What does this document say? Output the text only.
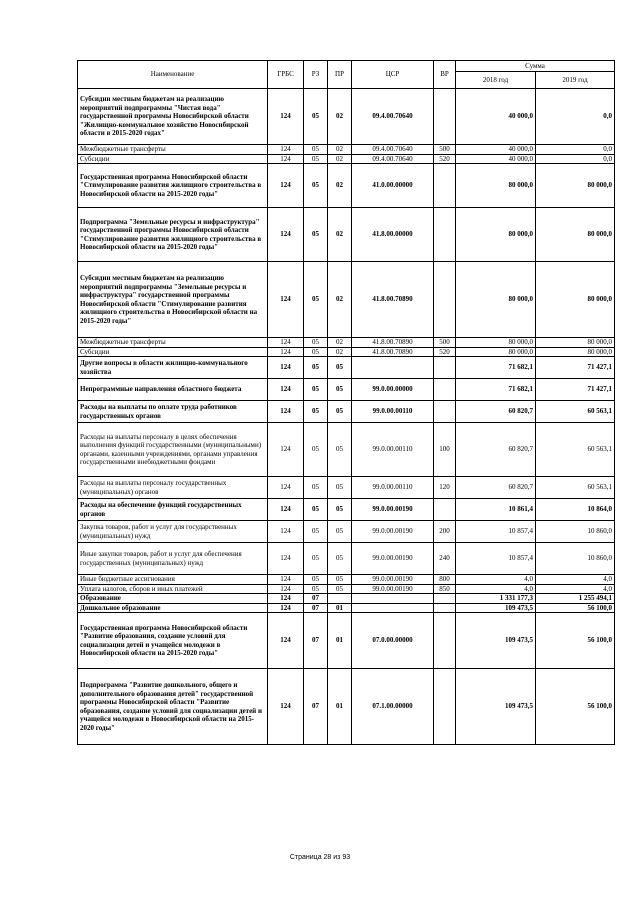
Наименование	ГРБС	РЗ	ПР	ЦСР	ВР	Сумма	
						2018 год	2019 год
Субсидии местным бюджетам на реализацию мероприятий подпрограммы "Чистая вода" государственной программы Новосибирской области "Жилищно-коммунальное хозяйство Новосибирской области в 2015-2020 годах"	124	05	02	09.4.00.70640		40 000,0	0,0
Межбюджетные трансферты	124	05	02	09.4.00.70640	500	40 000,0	0,0
Субсидии	124	05	02	09.4.00.70640	520	40 000,0	0,0
Государственная программа Новосибирской области "Стимулирование развития жилищного строительства в Новосибирской области на 2015-2020 годы"	124	05	02	41.0.00.00000		80 000,0	80 000,0
Подпрограмма "Земельные ресурсы и инфраструктура" государственной программы Новосибирской области "Стимулирование развития жилищного строительства в Новосибирской области на 2015-2020 годы"	124	05	02	41.8.00.00000		80 000,0	80 000,0
Субсидии местным бюджетам на реализацию мероприятий подпрограммы "Земельные ресурсы и инфраструктура" государственной программы Новосибирской области "Стимулирование развития жилищного строительства в Новосибирской области на 2015-2020 годы"	124	05	02	41.8.00.70890		80 000,0	80 000,0
Межбюджетные трансферты	124	05	02	41.8.00.70890	500	80 000,0	80 000,0
Субсидии	124	05	02	41.8.00.70890	520	80 000,0	80 000,0
Другие вопросы в области жилищно-коммунального хозяйства	124	05	05			71 682,1	71 427,1
Непрограммные направления областного бюджета	124	05	05	99.0.00.00000		71 682,1	71 427,1
Расходы на выплаты по оплате труда работников государственных органов	124	05	05	99.0.00.00110		60 820,7	60 563,1
Расходы на выплаты персоналу в целях обеспечения выполнения функций государственными (муниципальными) органами, казенными учреждениями, органами управления государственными внебюджетными фондами	124	05	05	99.0.00.00110	100	60 820,7	60 563,1
Расходы на выплаты персоналу государственных (муниципальных) органов	124	05	05	99.0.00.00110	120	60 820,7	60 563,1
Расходы на обеспечение функций государственных органов	124	05	05	99.0.00.00190		10 861,4	10 864,0
Закупка товаров, работ и услуг для государственных (муниципальных) нужд	124	05	05	99.0.00.00190	200	10 857,4	10 860,0
Иные закупки товаров, работ и услуг для обеспечения государственных (муниципальных) нужд	124	05	05	99.0.00.00190	240	10 857,4	10 860,0
Иные бюджетные ассигнования	124	05	05	99.0.00.00190	800	4,0	4,0
Уплата налогов, сборов и иных платежей	124	05	05	99.0.00.00190	850	4,0	4,0
Образование	124	07				1 331 177,3	1 255 494,1
Дошкольное образование	124	07	01			109 473,5	56 100,0
Государственная программа Новосибирской области "Развитие образования, создание условий для социализации детей и учащейся молодежи в Новосибирской области на 2015-2020 годы"	124	07	01	07.0.00.00000		109 473,5	56 100,0
Подпрограмма "Развитие дошкольного, общего и дополнительного образования детей" государственной программы Новосибирской области "Развитие образования, создание условий для социализации детей и учащейся молодежи в Новосибирской области на 2015-2020 годы"	124	07	01	07.1.00.00000		109 473,5	56 100,0
Страница 28 из 93
